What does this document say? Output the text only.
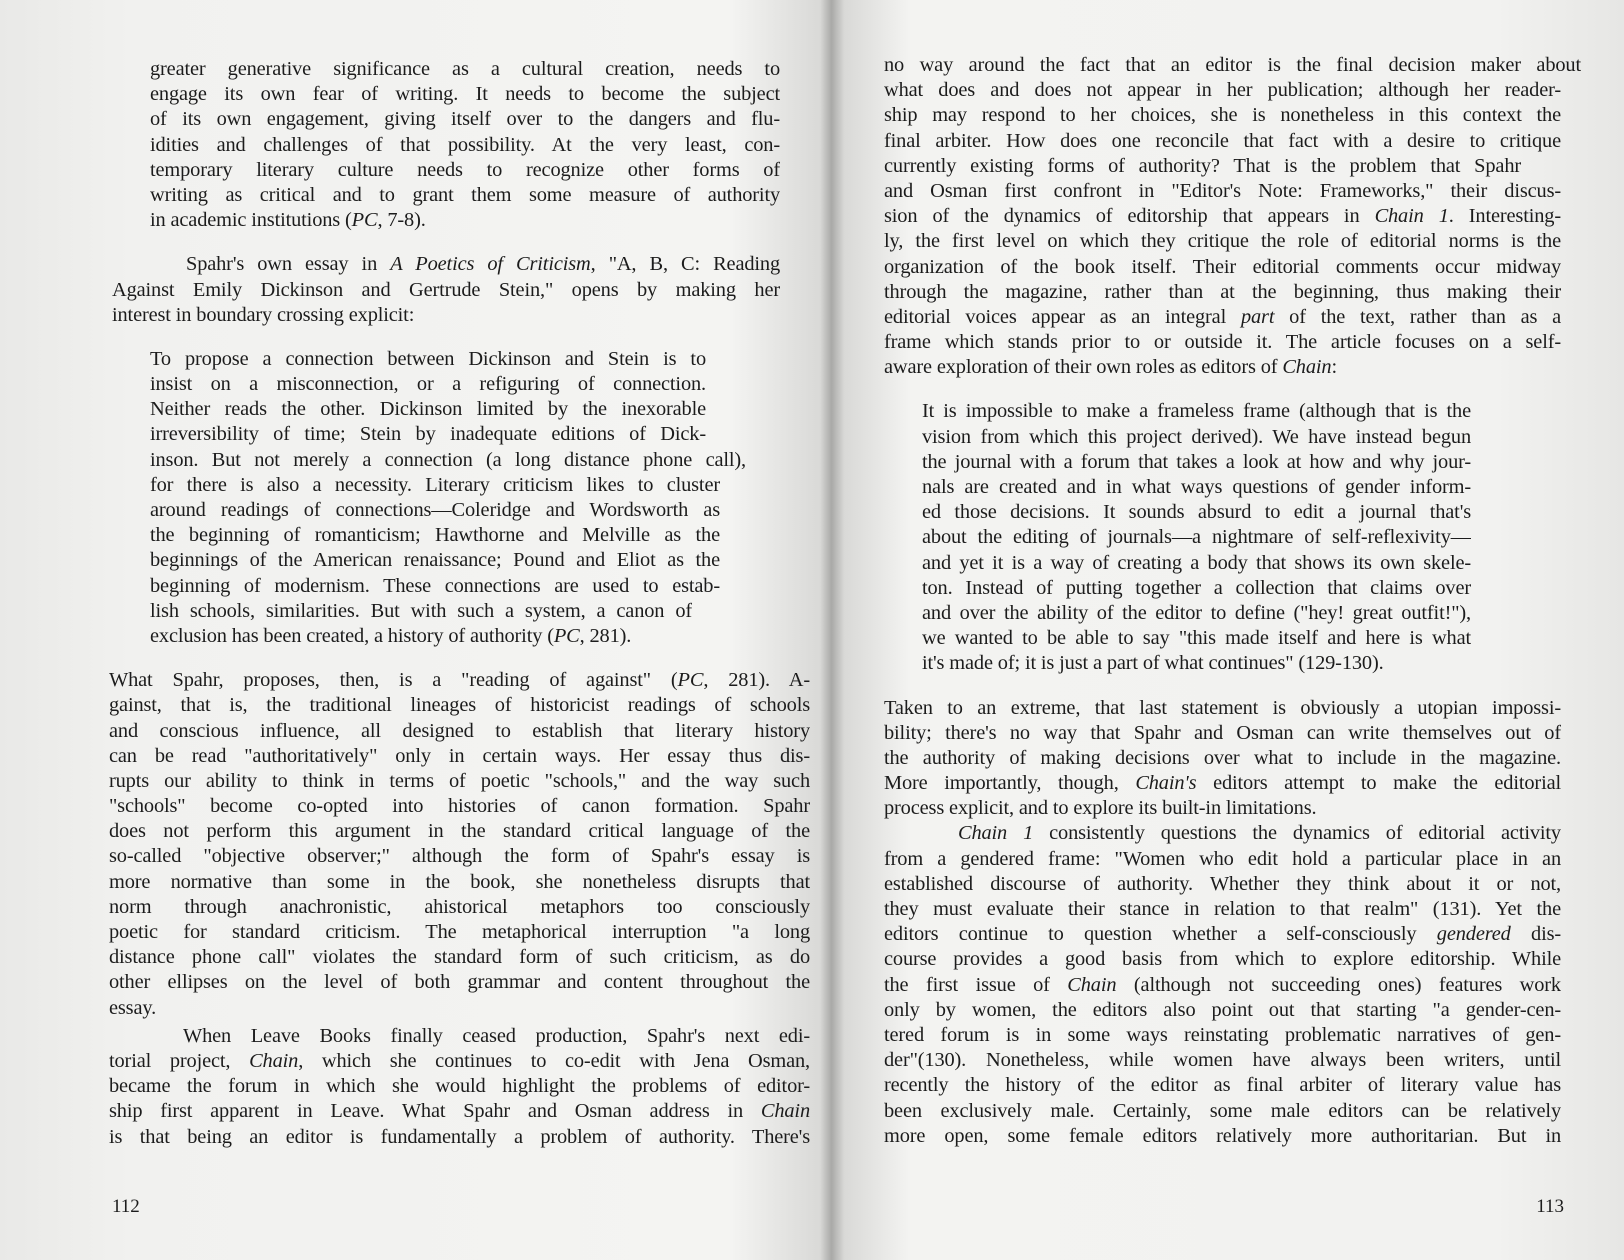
greater generative significance as a cultural creation, needs to
engage its own fear of writing. It needs to become the subject
of its own engagement, giving itself over to the dangers and flu-
idities and challenges of that possibility. At the very least, con-
temporary literary culture needs to recognize other forms of
writing as critical and to grant them some measure of authority
in academic institutions (PC, 7-8).
Spahr's own essay in A Poetics of Criticism, "A, B, C: Reading
Against Emily Dickinson and Gertrude Stein," opens by making her
interest in boundary crossing explicit:
To propose a connection between Dickinson and Stein is to
insist on a misconnection, or a refiguring of connection.
Neither reads the other. Dickinson limited by the inexorable
irreversibility of time; Stein by inadequate editions of Dick-
inson. But not merely a connection (a long distance phone call),
for there is also a necessity. Literary criticism likes to cluster
around readings of connections—Coleridge and Wordsworth as
the beginning of romanticism; Hawthorne and Melville as the
beginnings of the American renaissance; Pound and Eliot as the
beginning of modernism. These connections are used to estab-
lish schools, similarities. But with such a system, a canon of
exclusion has been created, a history of authority (PC, 281).
What Spahr, proposes, then, is a "reading of against" (PC, 281). A-
gainst, that is, the traditional lineages of historicist readings of schools
and conscious influence, all designed to establish that literary history
can be read "authoritatively" only in certain ways. Her essay thus dis-
rupts our ability to think in terms of poetic "schools," and the way such
"schools" become co-opted into histories of canon formation. Spahr
does not perform this argument in the standard critical language of the
so-called "objective observer;" although the form of Spahr's essay is
more normative than some in the book, she nonetheless disrupts that
norm through anachronistic, ahistorical metaphors too consciously
poetic for standard criticism. The metaphorical interruption "a long
distance phone call" violates the standard form of such criticism, as do
other ellipses on the level of both grammar and content throughout the
essay.
When Leave Books finally ceased production, Spahr's next edi-
torial project, Chain, which she continues to co-edit with Jena Osman,
became the forum in which she would highlight the problems of editor-
ship first apparent in Leave. What Spahr and Osman address in Chain
is that being an editor is fundamentally a problem of authority. There's
112
no way around the fact that an editor is the final decision maker about
what does and does not appear in her publication; although her reader-
ship may respond to her choices, she is nonetheless in this context the
final arbiter. How does one reconcile that fact with a desire to critique
currently existing forms of authority? That is the problem that Spahr
and Osman first confront in "Editor's Note: Frameworks," their discus-
sion of the dynamics of editorship that appears in Chain 1. Interesting-
ly, the first level on which they critique the role of editorial norms is the
organization of the book itself. Their editorial comments occur midway
through the magazine, rather than at the beginning, thus making their
editorial voices appear as an integral part of the text, rather than as a
frame which stands prior to or outside it. The article focuses on a self-
aware exploration of their own roles as editors of Chain:
It is impossible to make a frameless frame (although that is the
vision from which this project derived). We have instead begun
the journal with a forum that takes a look at how and why jour-
nals are created and in what ways questions of gender inform-
ed those decisions. It sounds absurd to edit a journal that's
about the editing of journals—a nightmare of self-reflexivity—
and yet it is a way of creating a body that shows its own skele-
ton. Instead of putting together a collection that claims over
and over the ability of the editor to define ("hey! great outfit!"),
we wanted to be able to say "this made itself and here is what
it's made of; it is just a part of what continues" (129-130).
Taken to an extreme, that last statement is obviously a utopian impossi-
bility; there's no way that Spahr and Osman can write themselves out of
the authority of making decisions over what to include in the magazine.
More importantly, though, Chain's editors attempt to make the editorial
process explicit, and to explore its built-in limitations.
Chain 1 consistently questions the dynamics of editorial activity
from a gendered frame: "Women who edit hold a particular place in an
established discourse of authority. Whether they think about it or not,
they must evaluate their stance in relation to that realm" (131). Yet the
editors continue to question whether a self-consciously gendered dis-
course provides a good basis from which to explore editorship. While
the first issue of Chain (although not succeeding ones) features work
only by women, the editors also point out that starting "a gender-cen-
tered forum is in some ways reinstating problematic narratives of gen-
der"(130). Nonetheless, while women have always been writers, until
recently the history of the editor as final arbiter of literary value has
been exclusively male. Certainly, some male editors can be relatively
more open, some female editors relatively more authoritarian. But in
113
